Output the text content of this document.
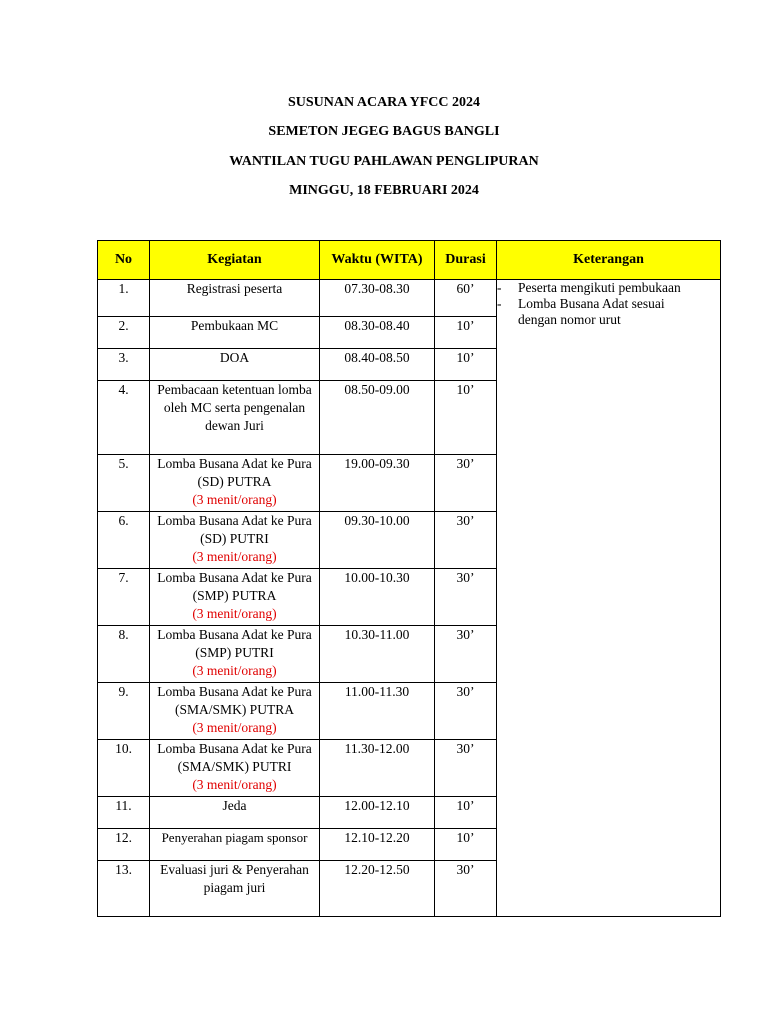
SUSUNAN ACARA YFCC 2024
SEMETON JEGEG BAGUS BANGLI
WANTILAN TUGU PAHLAWAN PENGLIPURAN
MINGGU, 18 FEBRUARI 2024
No	Kegiatan	Waktu (WITA)	Durasi	Keterangan
1.	Registrasi peserta	07.30-08.30	60’	- Peserta mengikuti pembukaan
- Lomba Busana Adat sesuai
dengan nomor urut

2.	Pembukaan MC	08.30-08.40	10’	
3.	DOA	08.40-08.50	10’	
4.	Pembacaan ketentuan lomba oleh MC serta pengenalan dewan Juri	08.50-09.00	10’	
5.	Lomba Busana Adat ke Pura (SD) PUTRA
(3 menit/orang)	19.00-09.30	30’	
6.	Lomba Busana Adat ke Pura (SD) PUTRI
(3 menit/orang)	09.30-10.00	30’	
7.	Lomba Busana Adat ke Pura (SMP) PUTRA
(3 menit/orang)	10.00-10.30	30’	
8.	Lomba Busana Adat ke Pura (SMP) PUTRI
(3 menit/orang)	10.30-11.00	30’	
9.	Lomba Busana Adat ke Pura (SMA/SMK) PUTRA
(3 menit/orang)	11.00-11.30	30’	
10.	Lomba Busana Adat ke Pura (SMA/SMK) PUTRI
(3 menit/orang)	11.30-12.00	30’	
11.	Jeda	12.00-12.10	10’	
12.	Penyerahan piagam sponsor	12.10-12.20	10’	
13.	Evaluasi juri & Penyerahan piagam juri	12.20-12.50	30’	
